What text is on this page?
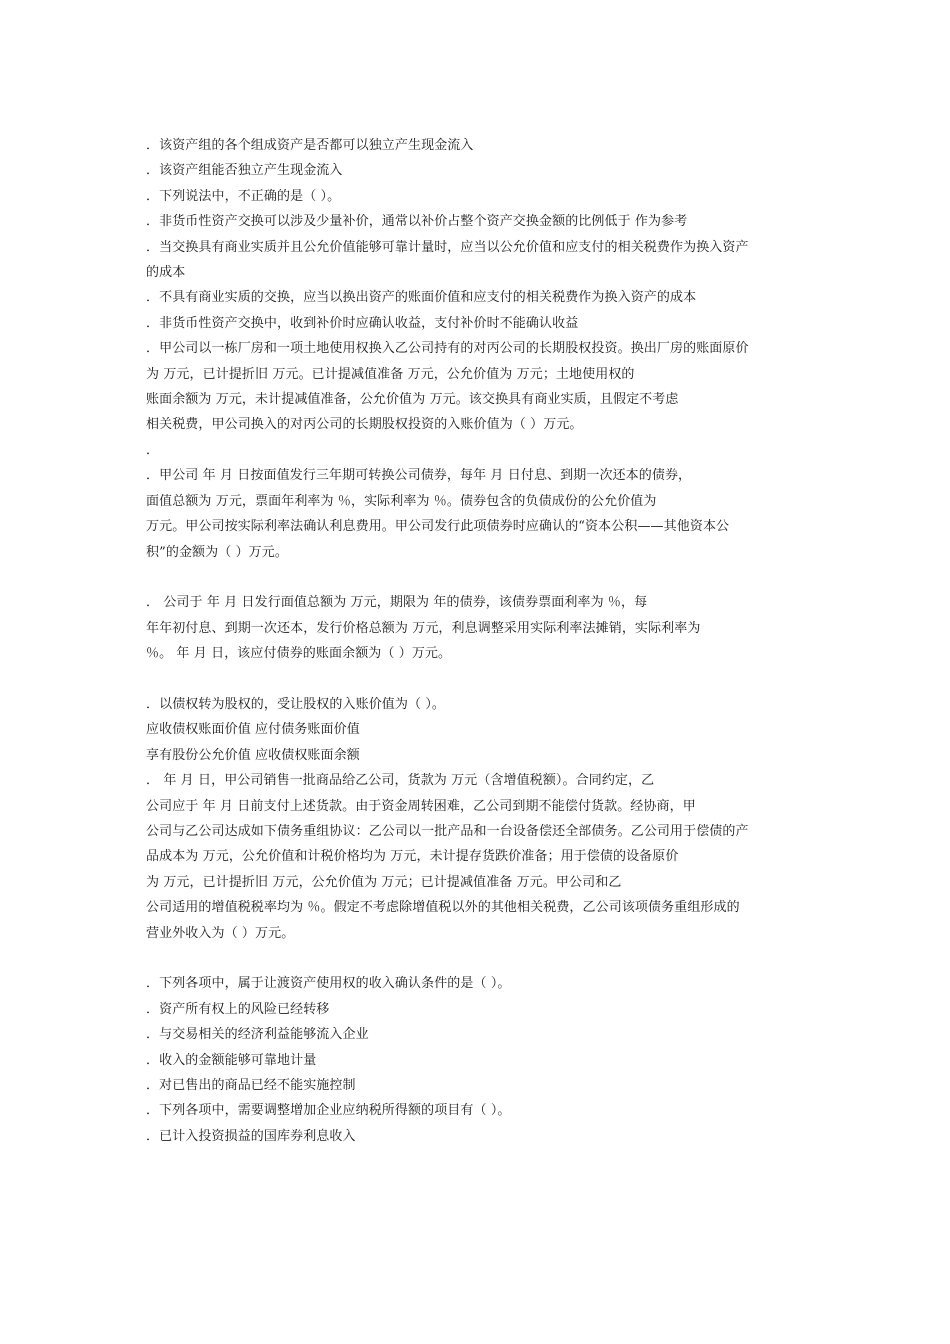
．该资产组的各个组成资产是否都可以独立产生现金流入
．该资产组能否独立产生现金流入
．下列说法中，不正确的是（ ）。
．非货币性资产交换可以涉及少量补价，通常以补价占整个资产交换金额的比例低于 作为参考
．当交换具有商业实质并且公允价值能够可靠计量时，应当以公允价值和应支付的相关税费作为换入资产
的成本
．不具有商业实质的交换，应当以换出资产的账面价值和应支付的相关税费作为换入资产的成本
．非货币性资产交换中，收到补价时应确认收益，支付补价时不能确认收益
．甲公司以一栋厂房和一项土地使用权换入乙公司持有的对丙公司的长期股权投资。换出厂房的账面原价
为 万元，已计提折旧 万元。已计提减值准备 万元，公允价值为 万元；土地使用权的
账面余额为 万元，未计提减值准备，公允价值为 万元。该交换具有商业实质，且假定不考虑
相关税费，甲公司换入的对丙公司的长期股权投资的入账价值为（ ）万元。
．
．甲公司 年 月 日按面值发行三年期可转换公司债券，每年 月 日付息、到期一次还本的债券，
面值总额为 万元，票面年利率为 ％，实际利率为 ％。债券包含的负债成份的公允价值为
万元。甲公司按实际利率法确认利息费用。甲公司发行此项债券时应确认的“资本公积——其他资本公
积”的金额为（ ）万元。

． 公司于 年 月 日发行面值总额为 万元，期限为 年的债券，该债券票面利率为 ％，每
年年初付息、到期一次还本，发行价格总额为 万元，利息调整采用实际利率法摊销，实际利率为
％。 年 月 日，该应付债券的账面余额为（ ）万元。

．以债权转为股权的，受让股权的入账价值为（ ）。
应收债权账面价值 应付债务账面价值
享有股份公允价值 应收债权账面余额
． 年 月 日，甲公司销售一批商品给乙公司，货款为 万元（含增值税额）。合同约定，乙
公司应于 年 月 日前支付上述货款。由于资金周转困难，乙公司到期不能偿付货款。经协商，甲
公司与乙公司达成如下债务重组协议：乙公司以一批产品和一台设备偿还全部债务。乙公司用于偿债的产
品成本为 万元，公允价值和计税价格均为 万元，未计提存货跌价准备；用于偿债的设备原价
为 万元，已计提折旧 万元，公允价值为 万元；已计提减值准备 万元。甲公司和乙
公司适用的增值税税率均为 ％。假定不考虑除增值税以外的其他相关税费，乙公司该项债务重组形成的
营业外收入为（ ）万元。

．下列各项中，属于让渡资产使用权的收入确认条件的是（ ）。
．资产所有权上的风险已经转移
．与交易相关的经济利益能够流入企业
．收入的金额能够可靠地计量
．对已售出的商品已经不能实施控制
．下列各项中，需要调整增加企业应纳税所得额的项目有（ ）。
．已计入投资损益的国库券利息收入
